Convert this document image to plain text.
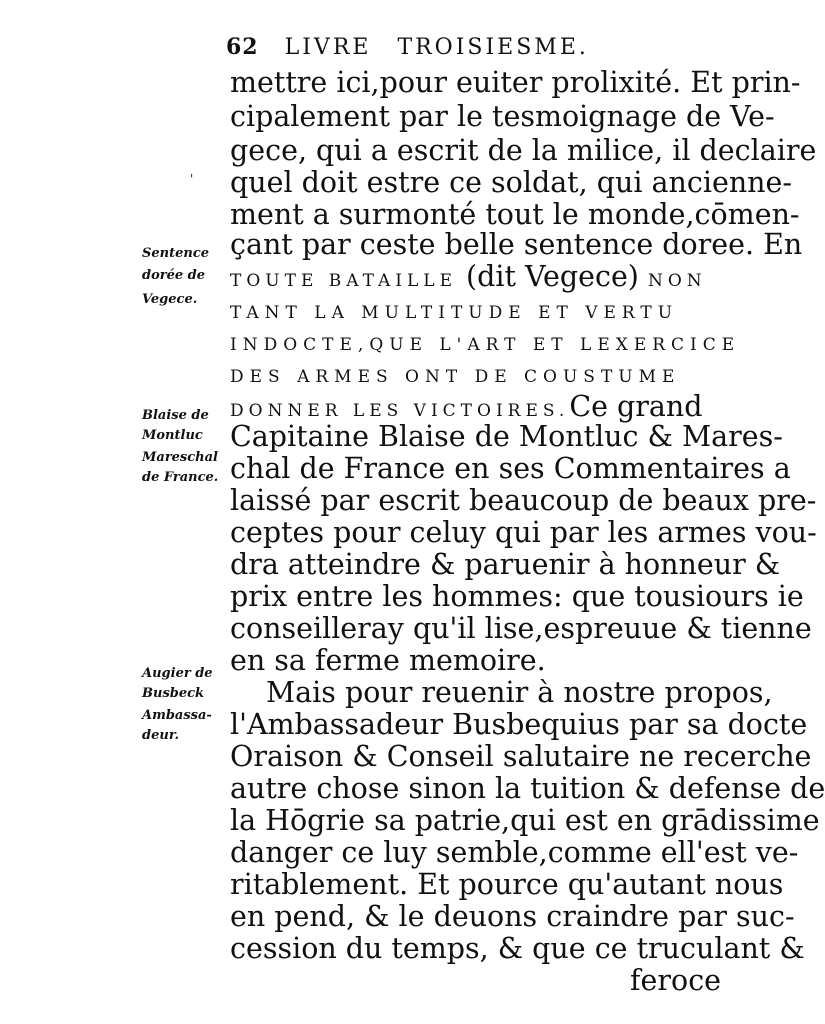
62 LIVRE TROISIESME.
mettre ici,pour euiter prolixité. Et prin-
cipalement par le tesmoignage de Ve-
gece, qui a escrit de la milice, il declaire
quel doit estre ce soldat, qui ancienne-
ment a surmonté tout le monde,cōmen-
çant par ceste belle sentence doree. En
TOUTE BATAILLE (dit Vegece) NON
TANT LA MULTITUDE ET VERTU
INDOCTE,QUE L'ART ET LEXERCICE
DES ARMES ONT DE COUSTUME
DONNER LES VICTOIRES.Ce grand
Capitaine Blaise de Montluc & Mares-
chal de France en ses Commentaires a
laissé par escrit beaucoup de beaux pre-
ceptes pour celuy qui par les armes vou-
dra atteindre & paruenir à honneur &
prix entre les hommes: que tousiours ie
conseilleray qu'il lise,espreuue & tienne
en sa ferme memoire.
Mais pour reuenir à nostre propos,
l'Ambassadeur Busbequius par sa docte
Oraison & Conseil salutaire ne recerche
autre chose sinon la tuition & defense de
la Hōgrie sa patrie,qui est en grādissime
danger ce luy semble,comme ell'est ve-
ritablement. Et pource qu'autant nous
en pend, & le deuons craindre par suc-
cession du temps, & que ce truculant &
feroce
'
Sentence
dorée de
Vegece.
Blaise de
Montluc
Mareschal
de France.
Augier de
Busbeck
Ambassa-
deur.
